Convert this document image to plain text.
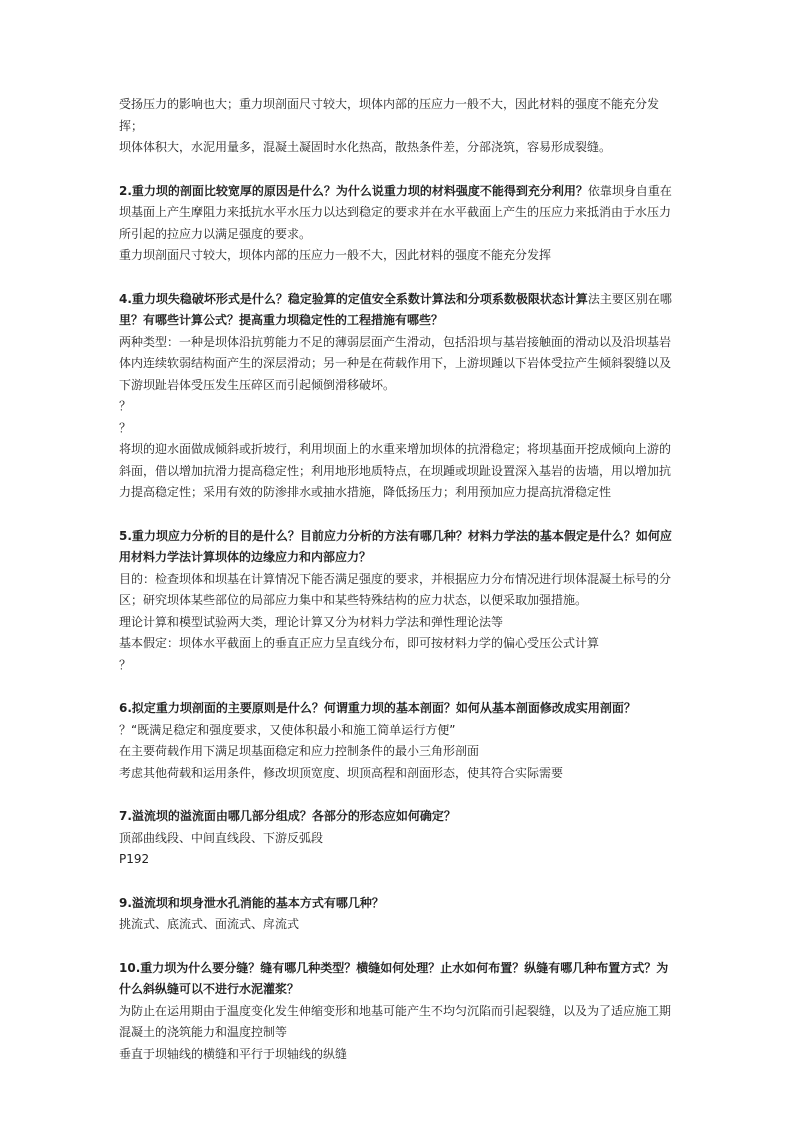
受扬压力的影响也大；重力坝剖面尺寸较大，坝体内部的压应力一般不大，因此材料的强度不能充分发挥；

坝体体积大，水泥用量多，混凝土凝固时水化热高，散热条件差，分部浇筑，容易形成裂缝。

2.重力坝的剖面比较宽厚的原因是什么？为什么说重力坝的材料强度不能得到充分利用？依靠坝身自重在

坝基面上产生摩阻力来抵抗水平水压力以达到稳定的要求并在水平截面上产生的压应力来抵消由于水压力

所引起的拉应力以满足强度的要求。

重力坝剖面尺寸较大，坝体内部的压应力一般不大，因此材料的强度不能充分发挥

4.重力坝失稳破坏形式是什么？稳定验算的定值安全系数计算法和分项系数极限状态计算法主要区别在哪

里？有哪些计算公式？提高重力坝稳定性的工程措施有哪些？

两种类型：一种是坝体沿抗剪能力不足的薄弱层面产生滑动，包括沿坝与基岩接触面的滑动以及沿坝基岩

体内连续软弱结构面产生的深层滑动；另一种是在荷载作用下，上游坝踵以下岩体受拉产生倾斜裂缝以及

下游坝趾岩体受压发生压碎区而引起倾倒滑移破坏。

？

？

将坝的迎水面做成倾斜或折坡行，利用坝面上的水重来增加坝体的抗滑稳定；将坝基面开挖成倾向上游的

斜面，借以增加抗滑力提高稳定性；利用地形地质特点，在坝踵或坝趾设置深入基岩的齿墙，用以增加抗

力提高稳定性；采用有效的防渗排水或抽水措施，降低扬压力；利用预加应力提高抗滑稳定性

5.重力坝应力分析的目的是什么？目前应力分析的方法有哪几种？材料力学法的基本假定是什么？如何应

用材料力学法计算坝体的边缘应力和内部应力？

目的：检查坝体和坝基在计算情况下能否满足强度的要求，并根据应力分布情况进行坝体混凝土标号的分

区；研究坝体某些部位的局部应力集中和某些特殊结构的应力状态，以便采取加强措施。

理论计算和模型试验两大类，理论计算又分为材料力学法和弹性理论法等

基本假定：坝体水平截面上的垂直正应力呈直线分布，即可按材料力学的偏心受压公式计算

？

6.拟定重力坝剖面的主要原则是什么？何谓重力坝的基本剖面？如何从基本剖面修改成实用剖面？

？“既满足稳定和强度要求，又使体积最小和施工简单运行方便”

在主要荷载作用下满足坝基面稳定和应力控制条件的最小三角形剖面

考虑其他荷载和运用条件，修改坝顶宽度、坝顶高程和剖面形态，使其符合实际需要

7.溢流坝的溢流面由哪几部分组成？各部分的形态应如何确定？

顶部曲线段、中间直线段、下游反弧段

P192

9.溢流坝和坝身泄水孔消能的基本方式有哪几种？

挑流式、底流式、面流式、戽流式

10.重力坝为什么要分缝？缝有哪几种类型？横缝如何处理？止水如何布置？纵缝有哪几种布置方式？为

什么斜纵缝可以不进行水泥灌浆？

为防止在运用期由于温度变化发生伸缩变形和地基可能产生不均匀沉陷而引起裂缝，以及为了适应施工期

混凝土的浇筑能力和温度控制等

垂直于坝轴线的横缝和平行于坝轴线的纵缝
